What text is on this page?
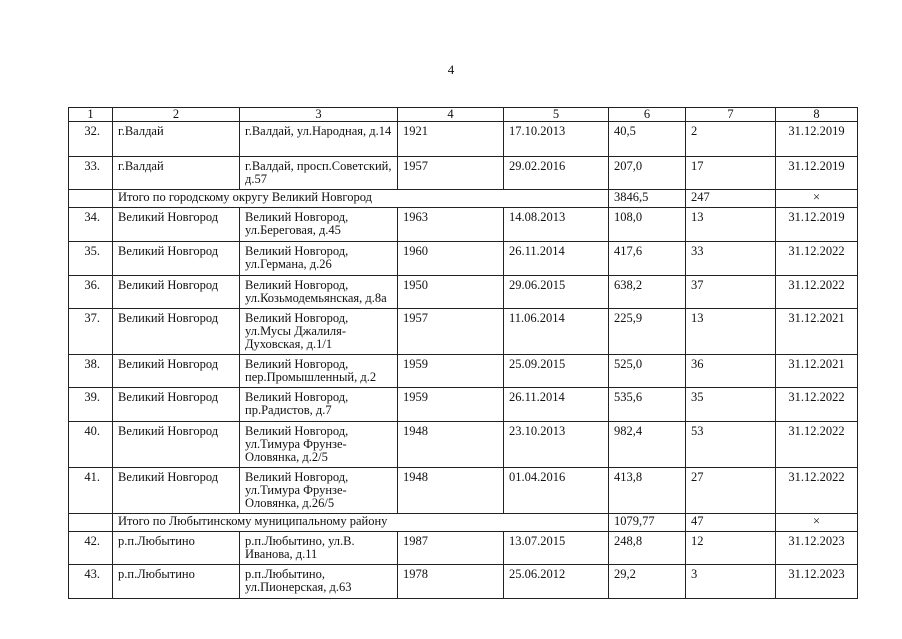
4
1	2	3	4	5	6	7	8
32.	г.Валдай	г.Валдай, ул.Народная, д.14	1921	17.10.2013	40,5	2	31.12.2019
33.	г.Валдай	г.Валдай, просп.Советский, д.57	1957	29.02.2016	207,0	17	31.12.2019
	Итого по городскому округу Великий Новгород				3846,5	247	×
34.	Великий Новгород	Великий Новгород, ул.Береговая, д.45	1963	14.08.2013	108,0	13	31.12.2019
35.	Великий Новгород	Великий Новгород, ул.Германа, д.26	1960	26.11.2014	417,6	33	31.12.2022
36.	Великий Новгород	Великий Новгород, ул.Козьмодемьянская, д.8а	1950	29.06.2015	638,2	37	31.12.2022
37.	Великий Новгород	Великий Новгород, ул.Мусы Джалиля-Духовская, д.1/1	1957	11.06.2014	225,9	13	31.12.2021
38.	Великий Новгород	Великий Новгород, пер.Промышленный, д.2	1959	25.09.2015	525,0	36	31.12.2021
39.	Великий Новгород	Великий Новгород, пр.Радистов, д.7	1959	26.11.2014	535,6	35	31.12.2022
40.	Великий Новгород	Великий Новгород, ул.Тимура Фрунзе-Оловянка, д.2/5	1948	23.10.2013	982,4	53	31.12.2022
41.	Великий Новгород	Великий Новгород, ул.Тимура Фрунзе-Оловянка, д.26/5	1948	01.04.2016	413,8	27	31.12.2022
	Итого по Любытинскому муниципальному району				1079,77	47	×
42.	р.п.Любытино	р.п.Любытино, ул.В. Иванова, д.11	1987	13.07.2015	248,8	12	31.12.2023
43.	р.п.Любытино	р.п.Любытино, ул.Пионерская, д.63	1978	25.06.2012	29,2	3	31.12.2023
